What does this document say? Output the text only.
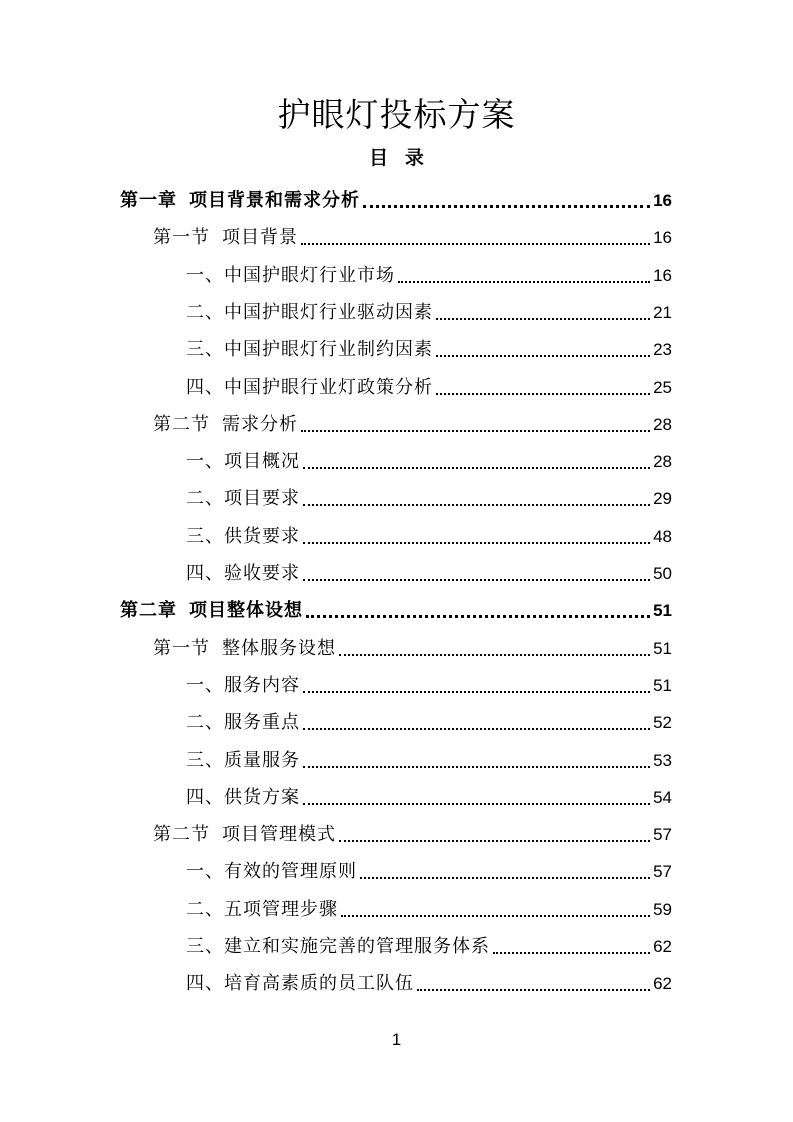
护眼灯投标方案
目 录
第一章 项目背景和需求分析	16
第一节 项目背景	16
一、中国护眼灯行业市场	16
二、中国护眼灯行业驱动因素	21
三、中国护眼灯行业制约因素	23
四、中国护眼行业灯政策分析	25
第二节 需求分析	28
一、项目概况	28
二、项目要求	29
三、供货要求	48
四、验收要求	50
第二章 项目整体设想	51
第一节 整体服务设想	51
一、服务内容	51
二、服务重点	52
三、质量服务	53
四、供货方案	54
第二节 项目管理模式	57
一、有效的管理原则	57
二、五项管理步骤	59
三、建立和实施完善的管理服务体系	62
四、培育高素质的员工队伍	62
1
